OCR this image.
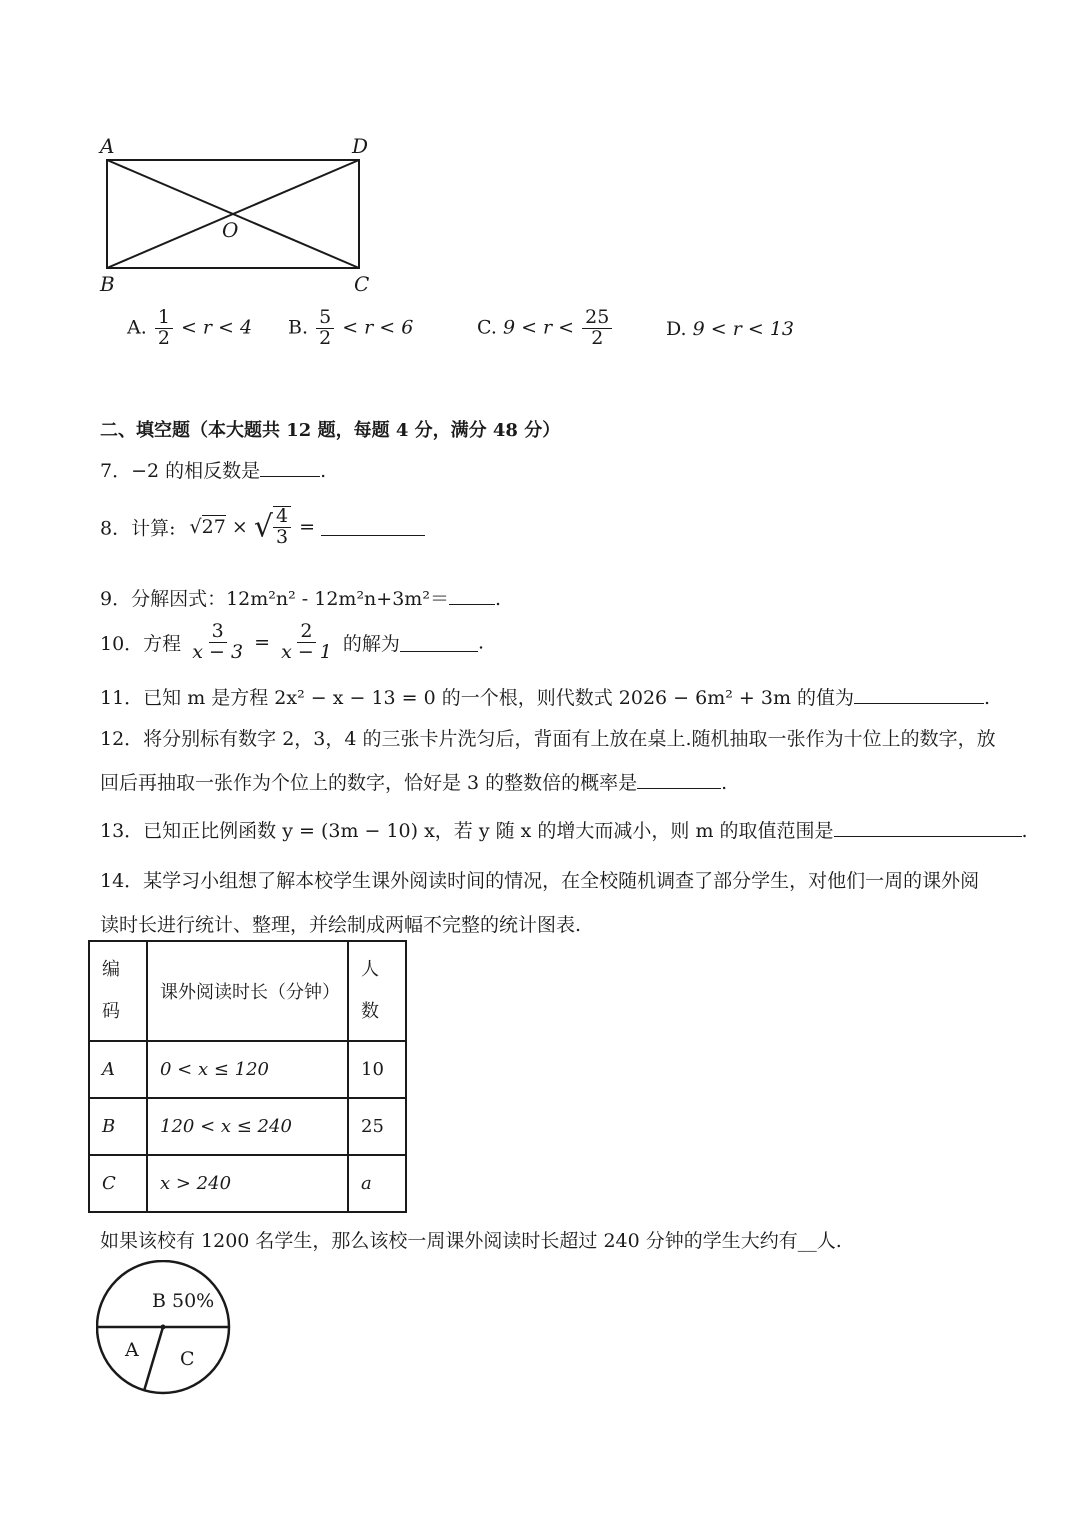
A	D
O
B	C
A. $\frac{1}{2} < r < 4$ B. $\frac{5}{2} < r < 6$	C. $9 < r < \frac{25}{2}$	D. 9 < r < 13
二、填空题（本大题共 12 题，每题 4 分，满分 48 分）
7．−2 的相反数是	.
8．计算: √27 × √ $\frac{4}{3}$ =
9．分解因式：12m²n² - 12m²n+3m²＝ .
10．方程 $\frac{3}{x - 3} = \frac{2}{x - 1}$ 的解为	.
11．已知 m 是方程 2x² − x − 13 = 0 的一个根，则代数式 2026 − 6m² + 3m 的值为	.
12．将分别标有数字 2，3，4 的三张卡片洗匀后，背面有上放在桌上.随机抽取一张作为十位上的数字，放
回后再抽取一张作为个位上的数字，恰好是 3 的整数倍的概率是	.
13．已知正比例函数 y = (3m − 10) x，若 y 随 x 的增大而减小，则 m 的取值范围是	.
14．某学习小组想了解本校学生课外阅读时间的情况，在全校随机调查了部分学生，对他们一周的课外阅
读时长进行统计、整理，并绘制成两幅不完整的统计图表.
编码	课外阅读时长（分钟）	人数
A	0 < x ≤ 120	10
B	120 < x ≤ 240	25
C	x > 240	a
如果该校有 1200 名学生，那么该校一周课外阅读时长超过 240 分钟的学生大约有__人.
B 50%
A C
